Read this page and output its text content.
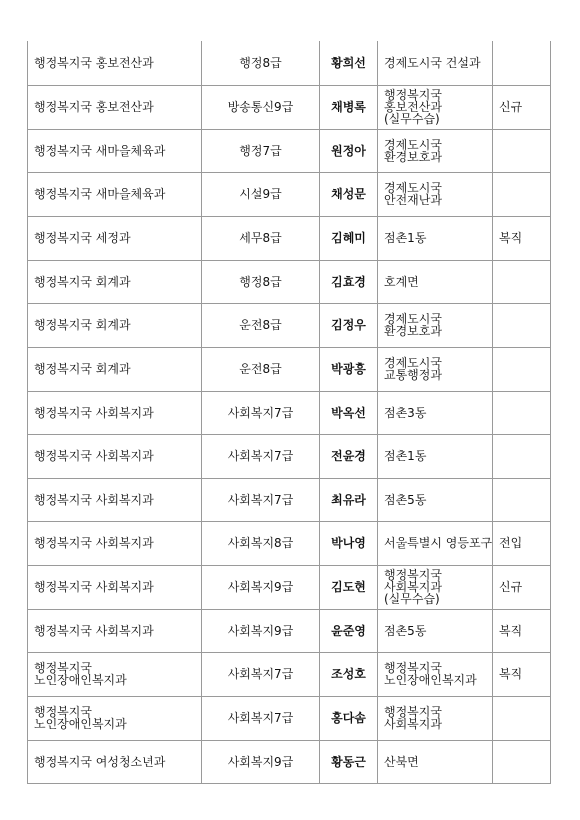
행정복지국 홍보전산과	행정8급	황희선	경제도시국 건설과	

행정복지국 홍보전산과	방송통신9급	채병록	행정복지국
홍보전산과
(실무수습)	신규

행정복지국 새마을체육과	행정7급	원정아	경제도시국
환경보호과	

행정복지국 새마을체육과	시설9급	채성문	경제도시국
안전재난과	

행정복지국 세정과	세무8급	김혜미	점촌1동	복직

행정복지국 회계과	행정8급	김효경	호계면	

행정복지국 회계과	운전8급	김정우	경제도시국
환경보호과	

행정복지국 회계과	운전8급	박광흥	경제도시국
교통행정과	

행정복지국 사회복지과	사회복지7급	박옥선	점촌3동	

행정복지국 사회복지과	사회복지7급	전윤경	점촌1동	

행정복지국 사회복지과	사회복지7급	최유라	점촌5동	

행정복지국 사회복지과	사회복지8급	박나영	서울특별시 영등포구	전입

행정복지국 사회복지과	사회복지9급	김도현	행정복지국
사회복지과
(실무수습)	신규

행정복지국 사회복지과	사회복지9급	윤준영	점촌5동	복직

행정복지국
노인장애인복지과	사회복지7급	조성호	행정복지국
노인장애인복지과	복직

행정복지국
노인장애인복지과	사회복지7급	홍다솜	행정복지국
사회복지과	

행정복지국 여성청소년과	사회복지9급	황동근	산북면	
